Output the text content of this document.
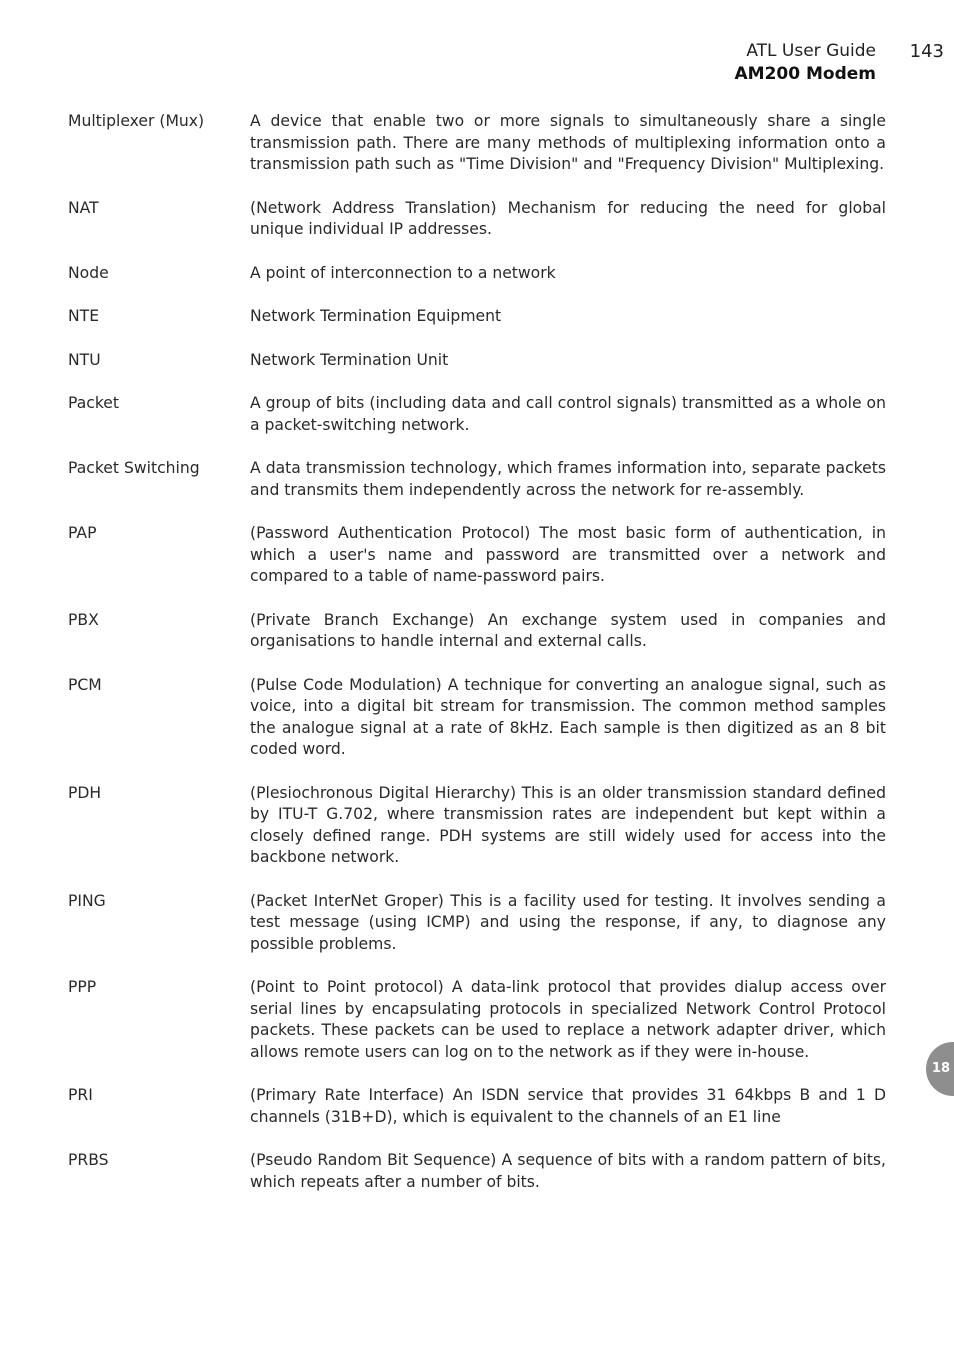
ATL User Guide
AM200 Modem
143
18
Multiplexer (Mux)	A device that enable two or more signals to simultaneously share a single transmission path. There are many methods of multiplexing information onto a transmission path such as "Time Division" and "Frequency Division" Multiplexing.
NAT	(Network Address Translation) Mechanism for reducing the need for global unique individual IP addresses.
Node	A point of interconnection to a network
NTE	Network Termination Equipment
NTU	Network Termination Unit
Packet	A group of bits (including data and call control signals) transmitted as a whole on a packet-switching network.
Packet Switching	A data transmission technology, which frames information into, separate packets and transmits them independently across the network for re-assembly.
PAP	(Password Authentication Protocol) The most basic form of authentication, in which a user's name and password are transmitted over a network and compared to a table of name-password pairs.
PBX	(Private Branch Exchange) An exchange system used in companies and organisations to handle internal and external calls.
PCM	(Pulse Code Modulation) A technique for converting an analogue signal, such as voice, into a digital bit stream for transmission. The common method samples the analogue signal at a rate of 8kHz. Each sample is then digitized as an 8 bit coded word.
PDH	(Plesiochronous Digital Hierarchy) This is an older transmission standard defined by ITU-T G.702, where transmission rates are independent but kept within a closely defined range. PDH systems are still widely used for access into the backbone network.
PING	(Packet InterNet Groper) This is a facility used for testing. It involves sending a test message (using ICMP) and using the response, if any, to diagnose any possible problems.
PPP	(Point to Point protocol) A data-link protocol that provides dialup access over serial lines by encapsulating protocols in specialized Network Control Protocol packets. These packets can be used to replace a network adapter driver, which allows remote users can log on to the network as if they were in-house.
PRI	(Primary Rate Interface) An ISDN service that provides 31 64kbps B and 1 D channels (31B+D), which is equivalent to the channels of an E1 line
PRBS	(Pseudo Random Bit Sequence) A sequence of bits with a random pattern of bits, which repeats after a number of bits.
